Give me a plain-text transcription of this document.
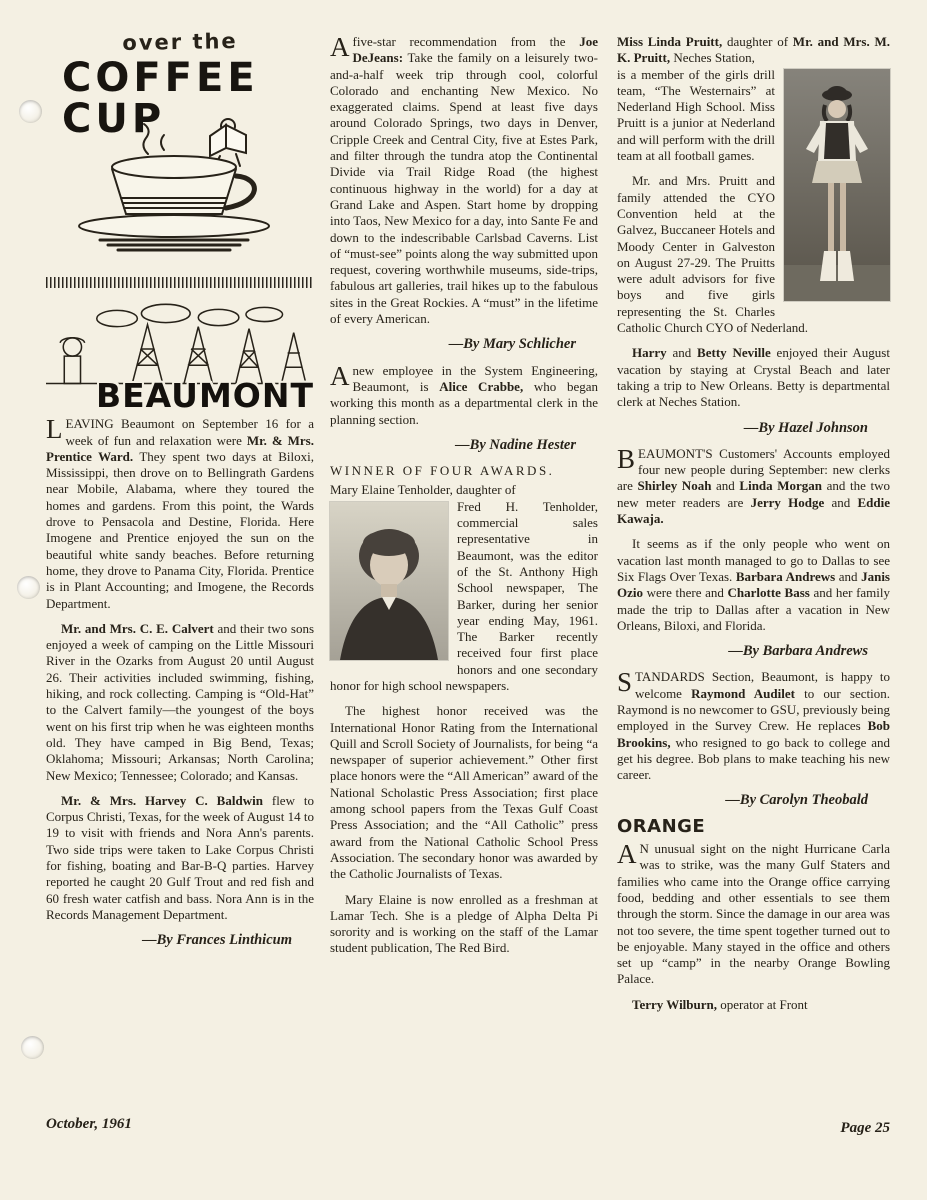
over the
COFFEE
CUP
BEAUMONT

LEAVING Beaumont on September 16 for a week of fun and relaxation were Mr. & Mrs. Prentice Ward. They spent two days at Biloxi, Mississippi, then drove on to Bellingrath Gardens near Mobile, Alabama, where they toured the homes and gardens. From this point, the Wards drove to Pensacola and Destine, Florida. Here Imogene and Prentice enjoyed the sun on the beautiful white sandy beaches. Before returning home, they drove to Panama City, Florida. Prentice is in Plant Accounting; and Imogene, the Records Department.

Mr. and Mrs. C. E. Calvert and their two sons enjoyed a week of camping on the Little Missouri River in the Ozarks from August 20 until August 26. Their activities included swimming, fishing, hiking, and rock collecting. Camping is “Old-Hat” to the Calvert family—the youngest of the boys went on his first trip when he was eighteen months old. They have camped in Big Bend, Texas; Oklahoma; Missouri; Arkansas; North Carolina; New Mexico; Tennessee; Colorado; and Kansas.

Mr. & Mrs. Harvey C. Baldwin flew to Corpus Christi, Texas, for the week of August 14 to 19 to visit with friends and Nora Ann's parents. Two side trips were taken to Lake Corpus Christi for fishing, boating and Bar-B-Q parties. Harvey reported he caught 20 Gulf Trout and red fish and 60 fresh water catfish and bass. Nora Ann is in the Records Management Department.

—By Frances Linthicum

A five-star recommendation from the Joe DeJeans: Take the family on a leisurely two-and-a-half week trip through cool, colorful Colorado and enchanting New Mexico. No exaggerated claims. Spend at least five days around Colorado Springs, two days in Denver, Cripple Creek and Central City, five at Estes Park, and filter through the tundra atop the Continental Divide via Trail Ridge Road (the highest continuous highway in the world) for a day at Grand Lake and Aspen. Start home by dropping into Taos, New Mexico for a day, into Sante Fe and down to the indescribable Carlsbad Caverns. List of “must-see” points along the way submitted upon request, covering worthwhile museums, side-trips, fabulous art galleries, trail hikes up to the fabulous sites in the Great Rockies. A “must” in the lifetime of every American.

—By Mary Schlicher

A new employee in the System Engineering, Beaumont, is Alice Crabbe, who began working this month as a departmental clerk in the planning section.

—By Nadine Hester
WINNER OF FOUR AWARDS.

Mary Elaine Tenholder, daughter of

Fred H. Tenholder, commercial sales representative in Beaumont, was the editor of the St. Anthony High School newspaper, The Barker, during her senior year ending May, 1961. The Barker recently received four first place honors and one secondary honor for high school newspapers.

The highest honor received was the International Honor Rating from the International Quill and Scroll Society of Journalists, for being “a newspaper of superior achievement.” Other first place honors were the “All American” award of the National Scholastic Press Association; first place among school papers from the Texas Gulf Coast Press Association; and the “All Catholic” press award from the National Catholic School Press Association. The secondary honor was awarded by the Catholic Journalists of Texas.

Mary Elaine is now enrolled as a freshman at Lamar Tech. She is a pledge of Alpha Delta Pi sorority and is working on the staff of the Lamar student publication, The Red Bird.

Miss Linda Pruitt, daughter of Mr. and Mrs. M. K. Pruitt, Neches Station,

is a member of the girls drill team, “The Westernairs” at Nederland High School. Miss Pruitt is a junior at Nederland and will perform with the drill team at all football games.

Mr. and Mrs. Pruitt and family attended the CYO Convention held at the Galvez, Buccaneer Hotels and Moody Center in Galveston on August 27-29. The Pruitts were adult advisors for five boys and five girls representing the St. Charles Catholic Church CYO of Nederland.

Harry and Betty Neville enjoyed their August vacation by staying at Crystal Beach and later taking a trip to New Orleans. Betty is departmental clerk at Neches Station.

—By Hazel Johnson

BEAUMONT'S Customers' Accounts employed four new people during September: new clerks are Shirley Noah and Linda Morgan and the two new meter readers are Jerry Hodge and Eddie Kawaja.

It seems as if the only people who went on vacation last month managed to go to Dallas to see Six Flags Over Texas. Barbara Andrews and Janis Ozio were there and Charlotte Bass and her family made the trip to Dallas after a vacation in New Orleans, Biloxi, and Florida.

—By Barbara Andrews

STANDARDS Section, Beaumont, is happy to welcome Raymond Audilet to our section. Raymond is no newcomer to GSU, previously being employed in the Survey Crew. He replaces Bob Brookins, who resigned to go back to college and get his degree. Bob plans to make teaching his new career.

—By Carolyn Theobald
ORANGE

A N unusual sight on the night Hurricane Carla was to strike, was the many Gulf Staters and families who came into the Orange office carrying food, bedding and other essentials to see them through the storm. Since the damage in our area was not too severe, the time spent together turned out to be enjoyable. Many stayed in the office and others set up “camp” in the nearby Orange Bowling Palace.

Terry Wilburn, operator at Front

October, 1961	Page 25
